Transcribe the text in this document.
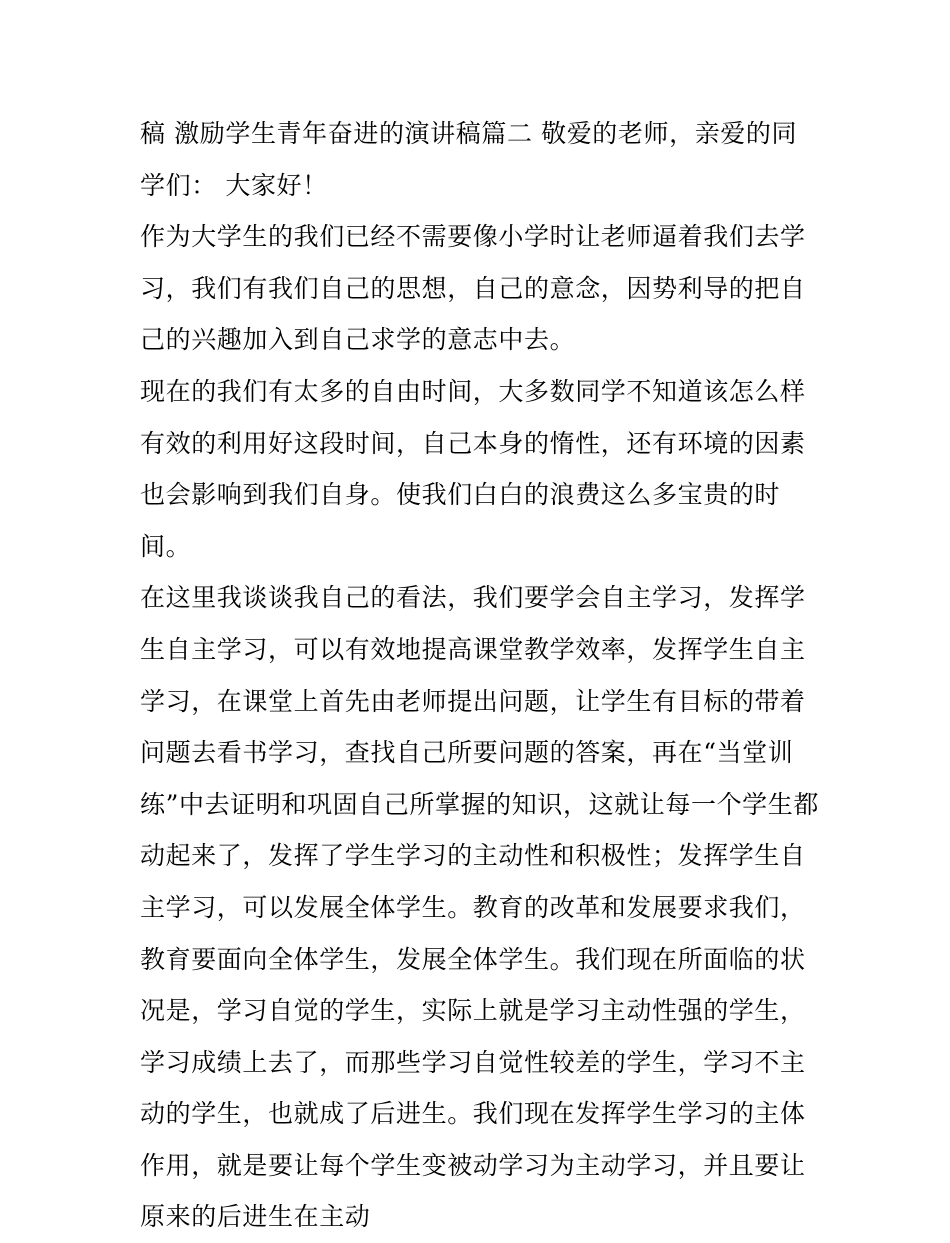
稿 激励学生青年奋进的演讲稿篇二 敬爱的老师，亲爱的同学们： 大家好！

作为大学生的我们已经不需要像小学时让老师逼着我们去学习，我们有我们自己的思想，自己的意念，因势利导的把自己的兴趣加入到自己求学的意志中去。

现在的我们有太多的自由时间，大多数同学不知道该怎么样有效的利用好这段时间，自己本身的惰性，还有环境的因素也会影响到我们自身。使我们白白的浪费这么多宝贵的时间。

在这里我谈谈我自己的看法，我们要学会自主学习，发挥学生自主学习，可以有效地提高课堂教学效率，发挥学生自主学习，在课堂上首先由老师提出问题，让学生有目标的带着问题去看书学习，查找自己所要问题的答案，再在“当堂训练”中去证明和巩固自己所掌握的知识，这就让每一个学生都动起来了，发挥了学生学习的主动性和积极性；发挥学生自主学习，可以发展全体学生。教育的改革和发展要求我们，教育要面向全体学生，发展全体学生。我们现在所面临的状况是，学习自觉的学生，实际上就是学习主动性强的学生，学习成绩上去了，而那些学习自觉性较差的学生，学习不主动的学生，也就成了后进生。我们现在发挥学生学习的主体作用，就是要让每个学生变被动学习为主动学习，并且要让原来的后进生在主动
